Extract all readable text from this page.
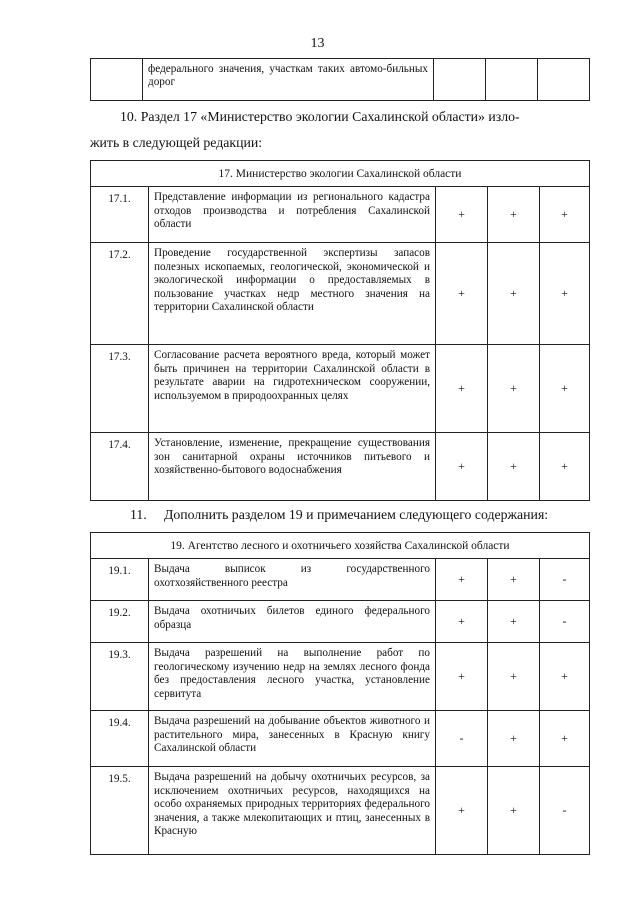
13
	федерального значения, участкам таких автомо-бильных дорог			
10. Раздел 17 «Министерство экологии Сахалинской области» изло-
жить в следующей редакции:
17. Министерство экологии Сахалинской области				
17.1.	Представление информации из регионального кадастра отходов производства и потребления Сахалинской области	+	+	+
17.2.	Проведение государственной экспертизы запасов полезных ископаемых, геологической, экономической и экологической информации о предоставляемых в пользование участках недр местного значения на территории Сахалинской области	+	+	+
17.3.	Согласование расчета вероятного вреда, который может быть причинен на территории Сахалинской области в результате аварии на гидротехническом сооружении, используемом в природоохранных целях	+	+	+
17.4.	Установление, изменение, прекращение существования зон санитарной охраны источников питьевого и хозяйственно-бытового водоснабжения	+	+	+
11.     Дополнить разделом 19 и примечанием следующего содержания:
19. Агентство лесного и охотничьего хозяйства Сахалинской области				
19.1.	Выдача выписок из государственного охотхозяйственного реестра	+	+	-
19.2.	Выдача охотничьих билетов единого федерального образца	+	+	-
19.3.	Выдача разрешений на выполнение работ по геологическому изучению недр на землях лесного фонда без предоставления лесного участка, установление сервитута	+	+	+
19.4.	Выдача разрешений на добывание объектов животного и растительного мира, занесенных в Красную книгу Сахалинской области	-	+	+
19.5.	Выдача разрешений на добычу охотничьих ресурсов, за исключением охотничьих ресурсов, находящихся на особо охраняемых природных территориях федерального значения, а также млекопитающих и птиц, занесенных в Красную	+	+	-
